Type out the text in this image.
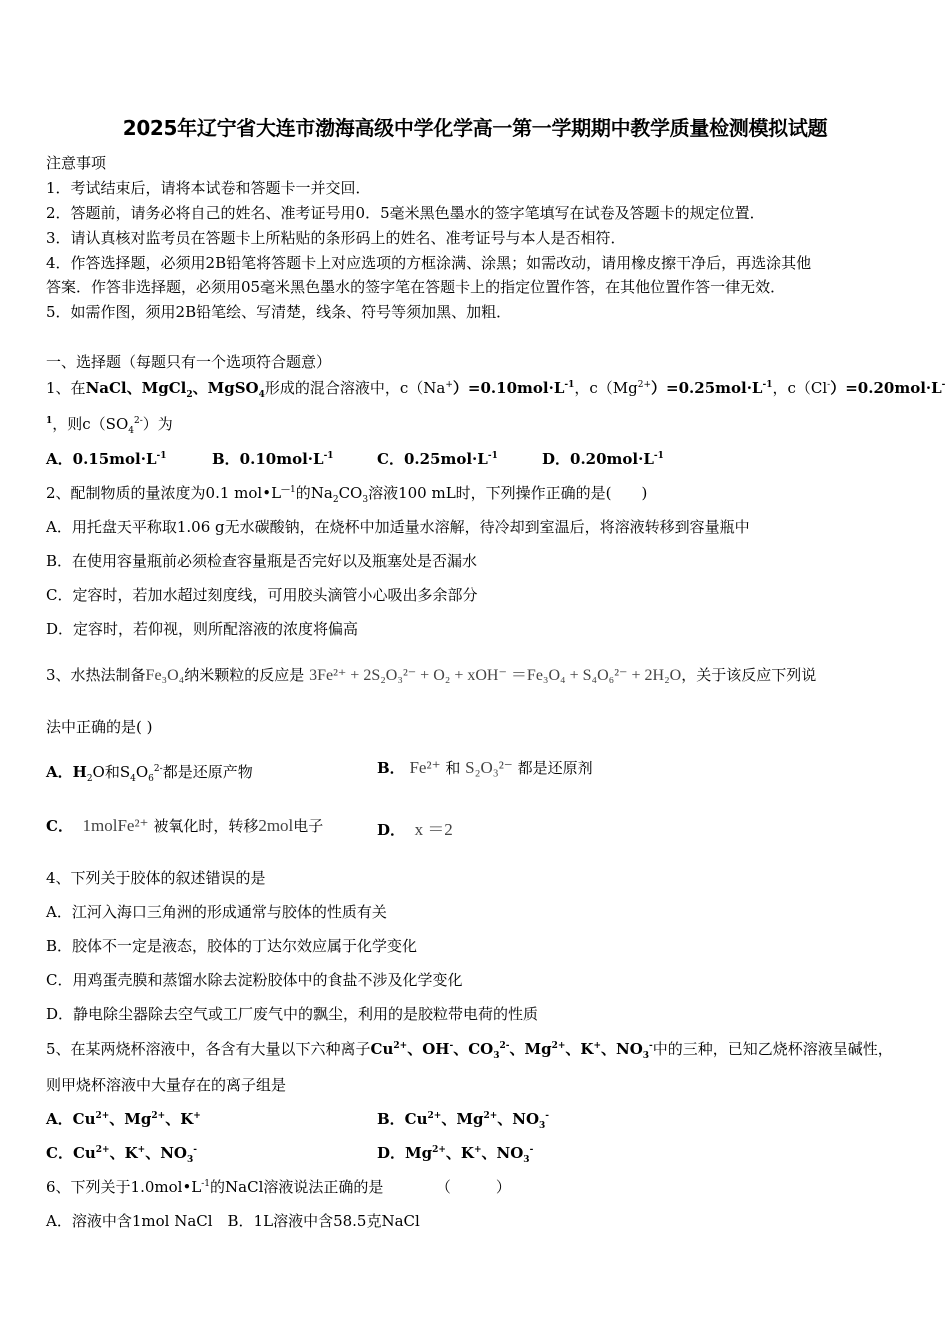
2025年辽宁省大连市渤海高级中学化学高一第一学期期中教学质量检测模拟试题
注意事项
1．考试结束后，请将本试卷和答题卡一并交回．
2．答题前，请务必将自己的姓名、准考证号用0．5毫米黑色墨水的签字笔填写在试卷及答题卡的规定位置．
3．请认真核对监考员在答题卡上所粘贴的条形码上的姓名、准考证号与本人是否相符．
4．作答选择题，必须用2B铅笔将答题卡上对应选项的方框涂满、涂黑；如需改动，请用橡皮擦干净后，再选涂其他
答案．作答非选择题，必须用05毫米黑色墨水的签字笔在答题卡上的指定位置作答，在其他位置作答一律无效．
5．如需作图，须用2B铅笔绘、写清楚，线条、符号等须加黑、加粗．
一、选择题（每题只有一个选项符合题意）
1、在NaCl、MgCl$_2$、MgSO$_4$形成的混合溶液中，$c(Na^+)=0.10mol\cdot L^{-1}$，$c(Mg^{2+})=0.25mol\cdot L^{-1}$，c（Cl-）=0.20mol·L-
$^1$，则$c(SO_4^{2-})$为
A．$0.15mol\cdot L^{-1}$	B．$0.10mol\cdot L^{-1}$	C．$0.25mol\cdot L^{-1}$	D．$0.20mol\cdot L^{-1}$
2、配制物质的量浓度为0.1 $mol•L^{—1}$的$Na_2CO_3$溶液100 mL时，下列操作正确的是(　　)
A．用托盘天平称取1.06 g无水碳酸钠，在烧杯中加适量水溶解，待冷却到室温后，将溶液转移到容量瓶中
B．在使用容量瓶前必须检查容量瓶是否完好以及瓶塞处是否漏水
C．定容时，若加水超过刻度线，可用胶头滴管小心吸出多余部分
D．定容时，若仰视，则所配溶液的浓度将偏高
3、水热法制备Fe₃O₄纳米颗粒的反应是 3Fe²⁺ + 2S₂O₃²⁻ + O₂ + xOH⁻ ＝Fe₃O₄ + S₄O₆²⁻ + 2H₂O，关于该反应下列说
法中正确的是( )
A．$H_2O$和$S_4O_6^{2-}$都是还原产物	B． Fe²⁺ 和 S₂O₃²⁻ 都是还原剂
C． 1molFe²⁺ 被氧化时，转移2mol电子	D． x ＝2
4、下列关于胶体的叙述错误的是
A．江河入海口三角洲的形成通常与胶体的性质有关
B．胶体不一定是液态，胶体的丁达尔效应属于化学变化
C．用鸡蛋壳膜和蒸馏水除去淀粉胶体中的食盐不涉及化学变化
D．静电除尘器除去空气或工厂废气中的飘尘，利用的是胶粒带电荷的性质
5、在某两烧杯溶液中，各含有大量以下六种离子$Cu^{2+}$、OH-、$CO_3^{2-}$、$Mg^{2+}$、K+、$NO_3^-$中的三种，已知乙烧杯溶液呈碱性，
则甲烧杯溶液中大量存在的离子组是
A．$Cu^{2+}$、$Mg^{2+}$、K+	B．$Cu^{2+}$、$Mg^{2+}$、$NO_3^-$
C．$Cu^{2+}$、K+、$NO_3^-$	D．$Mg^{2+}$、K+、$NO_3^-$
6、下列关于$1.0mol•L^{-1}$的NaCl溶液说法正确的是　　　　（　　　）
A．溶液中含1mol NaCl　B．1L溶液中含58.5克NaCl
